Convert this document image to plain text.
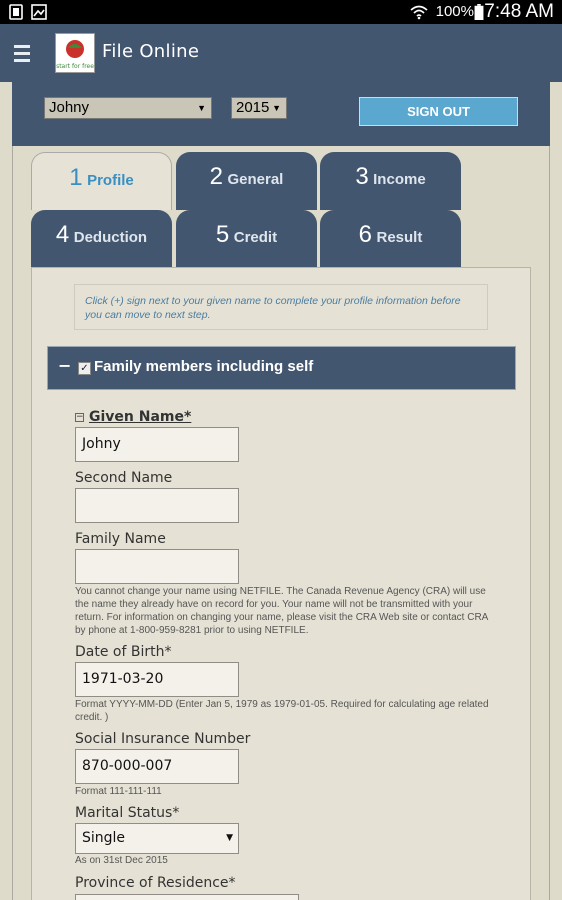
100% 7:48 AM
start for free
File Online
Johny	▼	2015 ▼	SIGN OUT
1 Profile	2 General	3 Income
4 Deduction	5 Credit	6 Result
Click (+) sign next to your given name to complete your profile information before you can move to next step.
− ✓ Family members including self
− Given Name*
Johny
Second Name
Family Name
You cannot change your name using NETFILE. The Canada Revenue Agency (CRA) will use the name they already have on record for you. Your name will not be transmitted with your return. For information on changing your name, please visit the CRA Web site or contact CRA by phone at 1-800-959-8281 prior to using NETFILE.
Date of Birth*
1971-03-20
Format YYYY-MM-DD (Enter Jan 5, 1979 as 1979-01-05. Required for calculating age related credit. )
Social Insurance Number
870-000-007
Format 111-111-111
Marital Status*
Single	▼
As on 31st Dec 2015
Province of Residence*
